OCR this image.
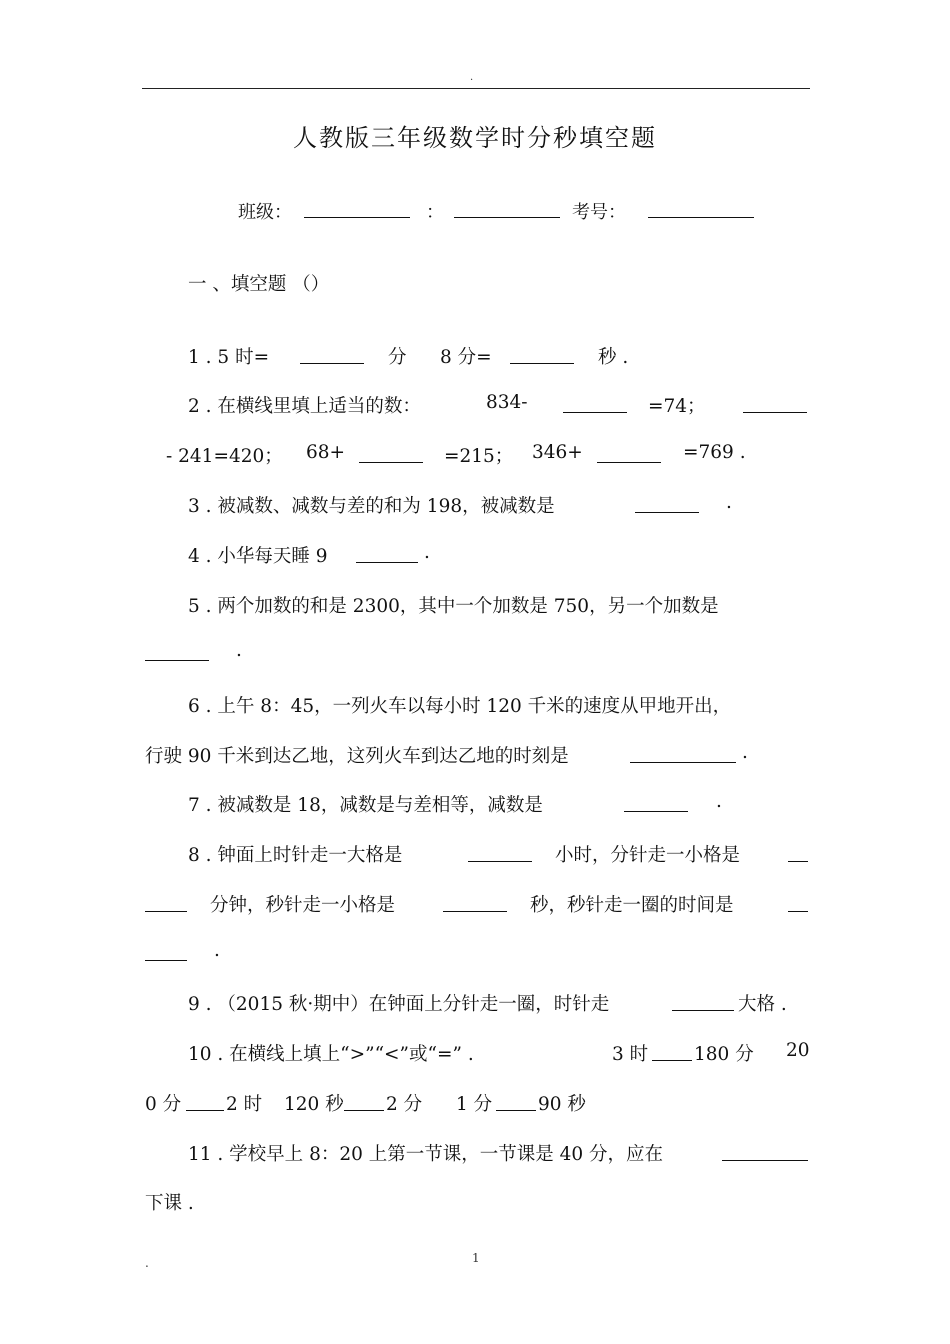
.
人教版三年级数学时分秒填空题
班级：	：	考号：
一 、填空题 （）
1 . 5 时=	分 8 分=	秒 .
2 . 在横线里填上适当的数：	834-	=74；
- 241=420； 68+	=215； 346+	=769 .
3 . 被减数、减数与差的和为 198，被减数是	.
4 . 小华每天睡 9	.
5 . 两个加数的和是 2300，其中一个加数是 750，另一个加数是
.
6 . 上午 8：45，一列火车以每小时 120 千米的速度从甲地开出，
行驶 90 千米到达乙地，这列火车到达乙地的时刻是	.
7 . 被减数是 18，减数是与差相等，减数是	.
8 . 钟面上时针走一大格是	小时，分针走一小格是
分钟，秒针走一小格是	秒，秒针走一圈的时间是
.
9 . （2015 秋·期中）在钟面上分针走一圈，时针走	大格 .
10 . 在横线上填上“>”“<”或“=” .	3 时 180 分 20
0 分 2 时 120 秒 2 分 1 分 90 秒
11 . 学校早上 8：20 上第一节课，一节课是 40 分，应在
下课 .
.	1
